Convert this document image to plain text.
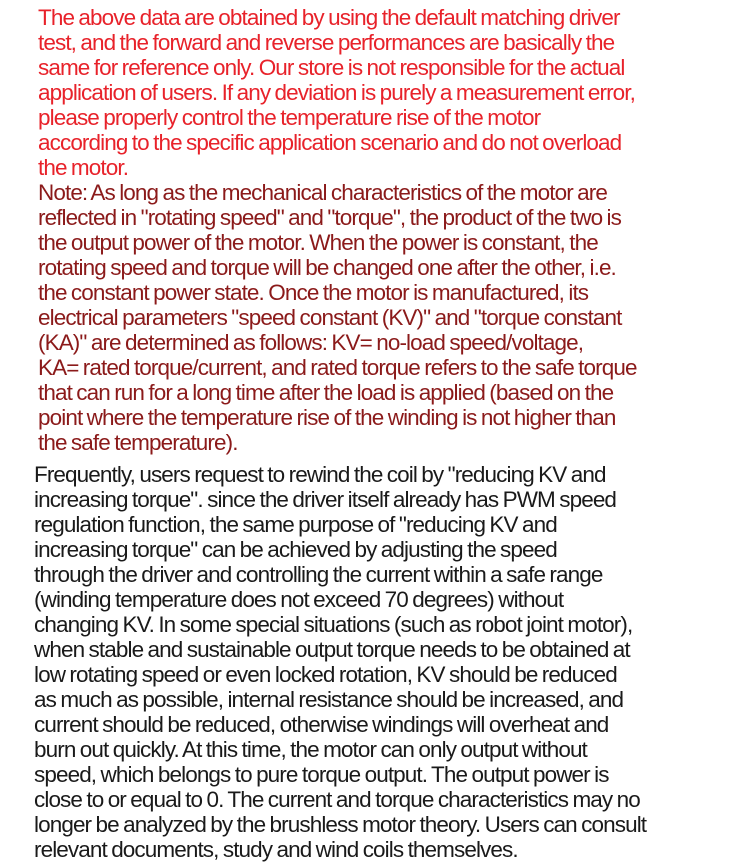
The above data are obtained by using the default matching driver
test, and the forward and reverse performances are basically the
same for reference only. Our store is not responsible for the actual
application of users. If any deviation is purely a measurement error,
please properly control the temperature rise of the motor
according to the specific application scenario and do not overload
the motor.

Note: As long as the mechanical characteristics of the motor are
reflected in "rotating speed" and "torque", the product of the two is
the output power of the motor. When the power is constant, the
rotating speed and torque will be changed one after the other, i.e.
the constant power state. Once the motor is manufactured, its
electrical parameters "speed constant (KV)" and "torque constant
(KA)" are determined as follows: KV= no-load speed/voltage,
KA= rated torque/current, and rated torque refers to the safe torque
that can run for a long time after the load is applied (based on the
point where the temperature rise of the winding is not higher than
the safe temperature).

Frequently, users request to rewind the coil by "reducing KV and
increasing torque". since the driver itself already has PWM speed
regulation function, the same purpose of "reducing KV and
increasing torque" can be achieved by adjusting the speed
through the driver and controlling the current within a safe range
(winding temperature does not exceed 70 degrees) without
changing KV. In some special situations (such as robot joint motor),
when stable and sustainable output torque needs to be obtained at
low rotating speed or even locked rotation, KV should be reduced
as much as possible, internal resistance should be increased, and
current should be reduced, otherwise windings will overheat and
burn out quickly. At this time, the motor can only output without
speed, which belongs to pure torque output. The output power is
close to or equal to 0. The current and torque characteristics may no
longer be analyzed by the brushless motor theory. Users can consult
relevant documents, study and wind coils themselves.
